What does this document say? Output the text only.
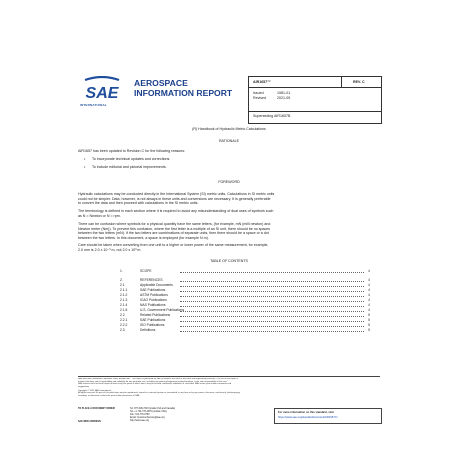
SAE
INTERNATIONAL
AEROSPACE
INFORMATION REPORT
AIR1657™	REV. C
Issued	1981-01
Revised	2021-05
Superseding AIR1657B
(R) Handbook of Hydraulic Metric Calculations
RATIONALE
AIR1657 has been updated to Revision C for the following reasons:
• To incorporate technical updates and corrections.
• To include editorial and pictorial improvements.
FOREWORD
Hydraulic calculations may be conducted directly in the International System (SI) metric units. Calculations in SI metric units
could not be simpler. Data, however, is not always in these units and conversions are necessary. It is generally preferable
to convert the data and then proceed with calculations in the SI metric units.
The terminology is defined in each section where it is required to avoid any misunderstanding of dual uses of symbols such
as N = Newton or N = rpm.
There can be confusion where symbols for a physical quantity have the same letters, (for example, mN (milli newton) and
Newton meter (Nm)). To prevent this confusion, where the first letter is a multiple of an SI unit, there should be no spaces
between the two letters (mN). If the two letters are combinations of separate units, then there should be a space or a dot
between the two letters. In this document, a space is employed (for example N m).
Care should be taken when converting from one unit to a higher or lower power of the same measurement, for example,
2.0 mm is 2.0 x 10⁻³ m, not 2.0 x 10³ m.
TABLE OF CONTENTS
1.	SCOPE	4
2.	REFERENCES	4
2.1	Applicable Documents	4
2.1.1	SAE Publications	4
2.1.2	ASTM Publications	4
2.1.3	ICAO Publications	4
2.1.4	NAS Publications	4
2.1.5	U.S. Government Publications	4
2.2	Related Publications	5
2.2.1	SAE Publications	5
2.2.2	ISO Publications	5
2.3	Definitions	5
SAE Executive Standards Committee Rules provide that: "This report is published by SAE to advance the state of technical and engineering sciences. The use of this report is
entirely voluntary, and its applicability and suitability for any particular use, including any patent infringement arising therefrom, is the sole responsibility of the user."
SAE reviews each technical report at least every five years at which time it may be revised, reaffirmed, stabilized, or cancelled. SAE invites your written comments and
suggestions.
Copyright © 2021 SAE International
All rights reserved. No part of this publication may be reproduced, stored in a retrieval system or transmitted, in any form or by any means, electronic, mechanical, photocopying,
recording, or otherwise, without the prior written permission of SAE.
TO PLACE A DOCUMENT ORDER:	Tel: 877-606-7323 (inside USA and Canada)
Tel: +1 724-776-4970 (outside USA)
Fax: 724-776-0790
Email: CustomerService@sae.org
SAE WEB ADDRESS:
http://www.sae.org
For more information on this standard, visit
https://www.sae.org/standards/content/AIR1657C/
